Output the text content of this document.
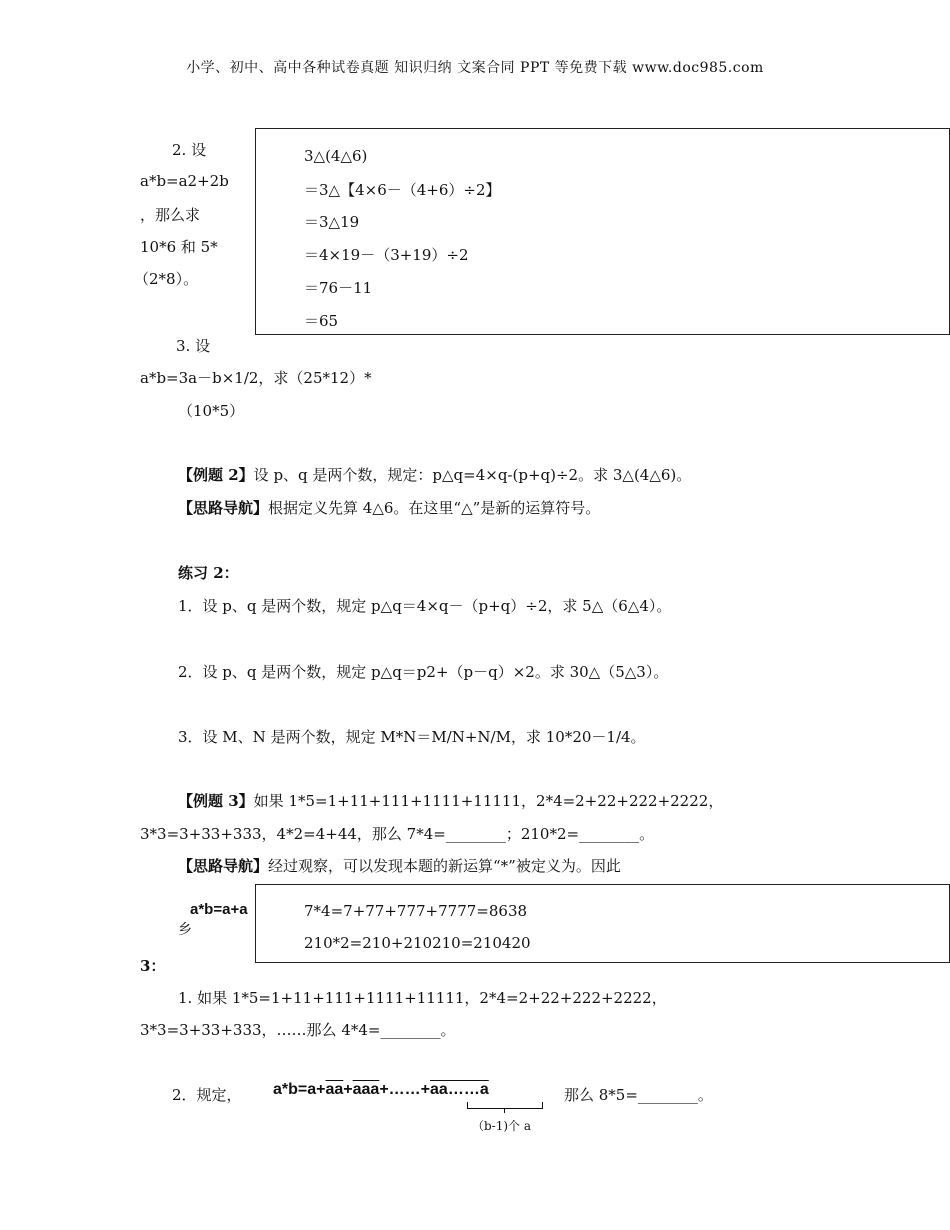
小学、初中、高中各种试卷真题 知识归纳 文案合同 PPT 等免费下载 www.doc985.com
2. 设
a*b=a2+2b
，那么求
10*6 和 5*
（2*8）。
3△(4△6)
＝3△【4×6－（4+6）÷2】
＝3△19
＝4×19－（3+19）÷2
＝76－11
＝65
3. 设
a*b=3a－b×1/2，求（25*12）*
（10*5）
【例题 2】设 p、q 是两个数，规定：p△q=4×q-(p+q)÷2。求 3△(4△6)。
【思路导航】根据定义先算 4△6。在这里“△”是新的运算符号。
练习 2：
1．设 p、q 是两个数，规定 p△q＝4×q－（p+q）÷2，求 5△（6△4）。
2．设 p、q 是两个数，规定 p△q＝p2+（p－q）×2。求 30△（5△3）。
3．设 M、N 是两个数，规定 M*N＝M/N+N/M，求 10*20－1/4。
【例题 3】如果 1*5=1+11+111+1111+11111，2*4=2+22+222+2222，
3*3=3+33+333，4*2=4+44，那么 7*4=________；210*2=________。
【思路导航】经过观察，可以发现本题的新运算“*”被定义为。因此
a*b=a+a
乡
3：
7*4=7+77+777+7777=8638
210*2=210+210210=210420
1. 如果 1*5=1+11+111+1111+11111，2*4=2+22+222+2222，
3*3=3+33+333，……那么 4*4=________。
2．规定， $a*b=a+\overline{aa}+\overline{aaa}+\dots\dots+aa\dots\dots a$
（b-1)个 a
那么 8*5=________。
